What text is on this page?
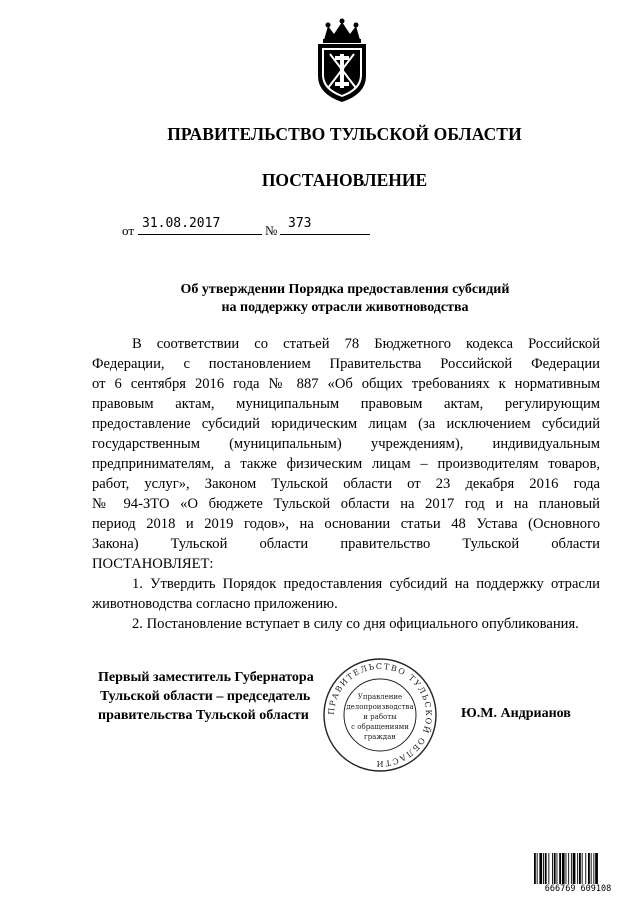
ПРАВИТЕЛЬСТВО ТУЛЬСКОЙ ОБЛАСТИ
ПОСТАНОВЛЕНИЕ
от 31.08.2017	№ 373
Об утверждении Порядка предоставления субсидий
на поддержку отрасли животноводства

В соответствии со статьей 78 Бюджетного кодекса Российской

Федерации, с постановлением Правительства Российской Федерации

от 6 сентября 2016 года № 887 «Об общих требованиях к нормативным

правовым актам, муниципальным правовым актам, регулирующим

предоставление субсидий юридическим лицам (за исключением субсидий

государственным (муниципальным) учреждениям), индивидуальным

предпринимателям, а также физическим лицам – производителям товаров,

работ, услуг», Законом Тульской области от 23 декабря 2016 года

№ 94-ЗТО «О бюджете Тульской области на 2017 год и на плановый

период 2018 и 2019 годов», на основании статьи 48 Устава (Основного

Закона) Тульской области правительство Тульской области

ПОСТАНОВЛЯЕТ:

1. Утвердить Порядок предоставления субсидий на поддержку отрасли

животноводства согласно приложению.

2. Постановление вступает в силу со дня официального опубликования.

Первый заместитель Губернатора
Тульской области – председатель
правительства Тульской области	ПРАВИТЕЛЬСТВО ТУЛЬСКОЙ ОБЛАСТИ
Управление
делопроизводства
и работы
с обращениями
граждан
Ю.М. Андрианов
666769 609108
